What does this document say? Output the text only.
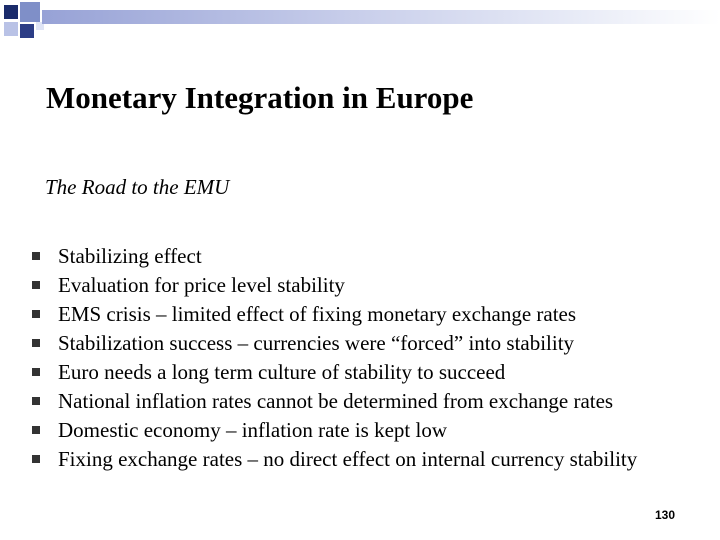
Monetary Integration in Europe
The Road to the EMU
Stabilizing effect
Evaluation for price level stability
EMS crisis – limited effect of fixing monetary exchange rates
Stabilization success – currencies were “forced” into stability
Euro needs a long term culture of stability to succeed
National inflation rates cannot be determined from exchange rates
Domestic economy – inflation rate is kept low
Fixing exchange rates – no direct effect on internal currency stability
130
